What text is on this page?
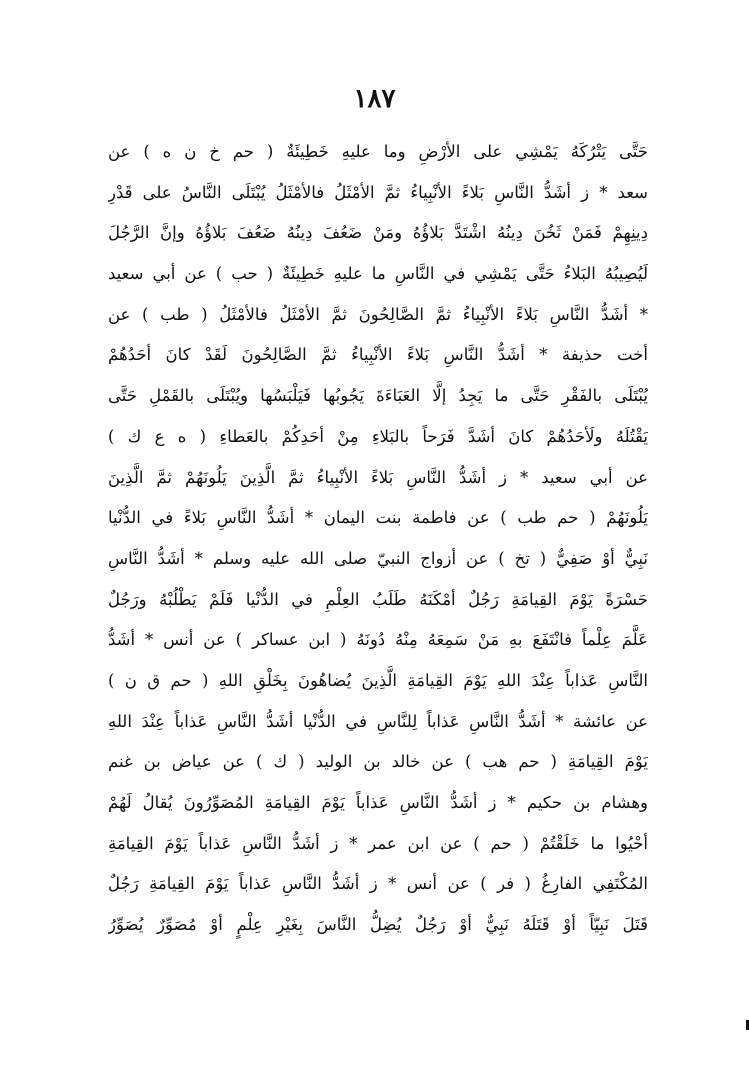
١٨٧
حَتَّى يَتْرُكَهُ يَمْشِي على الأرْضِ وما عليهِ خَطِيئَةٌ ( حم خ ن ه ) عن
سعد * ز أشَدُّ النَّاسِ بَلاءً الأنْبِياءُ ثمَّ الأمْثَلُ فالأمْثَلُ يُبْتَلَى النَّاسُ على قَدْرِ
دِينِهِمْ فَمَنْ ثَخُنَ دِينُهُ اشْتَدَّ بَلاؤُهُ ومَنْ ضَعُفَ دِينُهُ ضَعُفَ بَلاؤُهُ وإنَّ الرَّجُلَ
لَيُصِيبُهُ البَلاءُ حَتَّى يَمْشِي في النَّاسِ ما عليهِ خَطِيئَةٌ ( حب ) عن أبي سعيد
* أشَدُّ النَّاسِ بَلاءً الأنْبِياءُ ثمَّ الصَّالِحُونَ ثمَّ الأمْثَلُ فالأمْثَلُ ( طب ) عن
أخت حذيفة * أشَدُّ النَّاسِ بَلاءً الأنْبِياءُ ثمَّ الصَّالِحُونَ لَقَدْ كانَ أحَدُهُمْ
يُبْتَلَى بالفَقْرِ حَتَّى ما يَجِدُ إلَّا العَبَاءَةَ يَجُوبُها فَيَلْبَسُها ويُبْتَلَى بالقَمْلِ حَتَّى
يَقْتُلَهُ ولَأحَدُهُمْ كانَ أشَدَّ فَرَحاً بالبَلاءِ مِنْ أحَدِكُمْ بالعَطاءِ ( ه ع ك )
عن أبي سعيد * ز أشَدُّ النَّاسِ بَلاءً الأنْبِياءُ ثمَّ الَّذِينَ يَلُونَهُمْ ثمَّ الَّذِينَ
يَلُونَهُمْ ( حم طب ) عن فاطمة بنت اليمان * أشَدُّ النَّاسِ بَلاءً في الدُّنْيا
نَبِيٌّ أوْ صَفِيٌّ ( تخ ) عن أزواج النبيّ صلى الله عليه وسلم * أشَدُّ النَّاسِ
حَسْرَةً يَوْمَ القِيامَةِ رَجُلٌ أمْكَنَهُ طَلَبُ العِلْمِ في الدُّنْيا فَلَمْ يَطْلُبْهُ ورَجُلٌ
عَلَّمَ عِلْماً فانْتَفَعَ بهِ مَنْ سَمِعَهُ مِنْهُ دُونَهُ ( ابن عساكر ) عن أنس * أشَدُّ
النَّاسِ عَذاباً عِنْدَ اللهِ يَوْمَ القِيامَةِ الَّذِينَ يُضاهُونَ بِخَلْقِ اللهِ ( حم ق ن )
عن عائشة * أشَدُّ النَّاسِ عَذاباً لِلنَّاسِ في الدُّنْيا أشَدُّ النَّاسِ عَذاباً عِنْدَ اللهِ
يَوْمَ القِيامَةِ ( حم هب ) عن خالد بن الوليد ( ك ) عن عياض بن غنم
وهشام بن حكيم * ز أشَدُّ النَّاسِ عَذاباً يَوْمَ القِيامَةِ المُصَوِّرُونَ يُقالُ لَهُمْ
أحْيُوا ما خَلَقْتُمْ ( حم ) عن ابن عمر * ز أشَدُّ النَّاسِ عَذاباً يَوْمَ القِيامَةِ
المُكْتَفِي الفارِغُ ( فر ) عن أنس * ز أشَدُّ النَّاسِ عَذاباً يَوْمَ القِيامَةِ رَجُلٌ
قَتَلَ نَبِيّاً أوْ قَتَلَهُ نَبِيٌّ أوْ رَجُلٌ يُضِلُّ النَّاسَ بِغَيْرِ عِلْمٍ أوْ مُصَوِّرٌ يُصَوِّرُ
